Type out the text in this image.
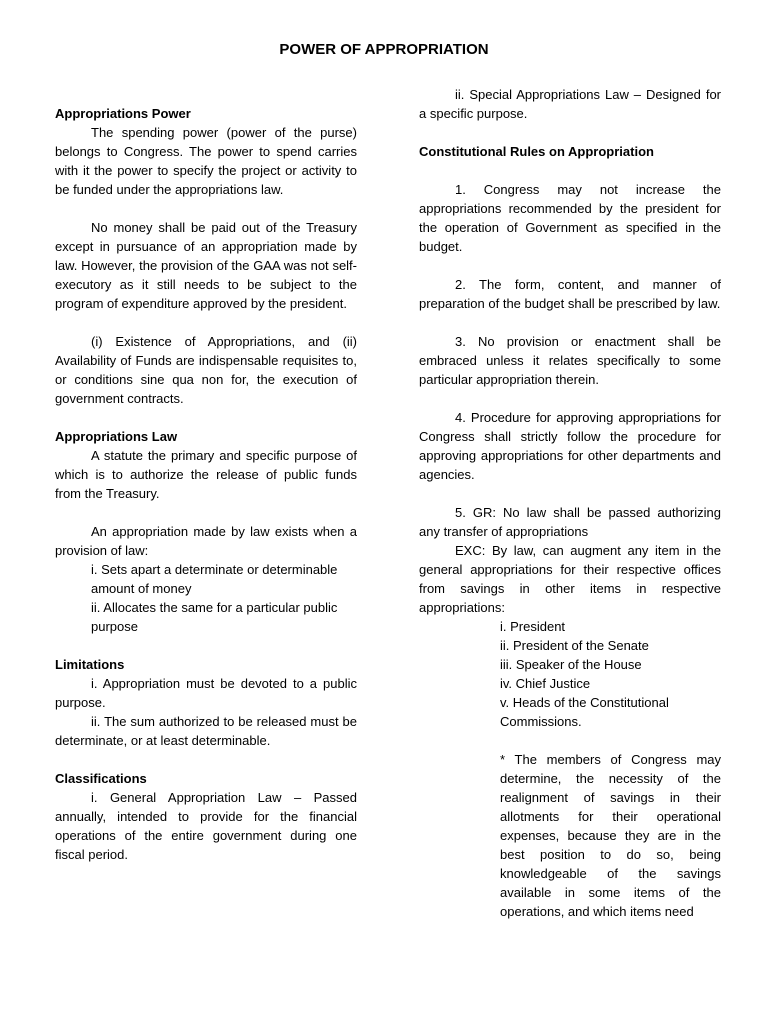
POWER OF APPROPRIATION

Appropriations Power

The spending power (power of the purse) belongs to Congress. The power to spend carries with it the power to specify the project or activity to be funded under the appropriations law.

No money shall be paid out of the Treasury except in pursuance of an appropriation made by law. However, the provision of the GAA was not self-executory as it still needs to be subject to the program of expenditure approved by the president.

(i) Existence of Appropriations, and (ii) Availability of Funds are indispensable requisites to, or conditions sine qua non for, the execution of government contracts.

Appropriations Law

A statute the primary and specific purpose of which is to authorize the release of public funds from the Treasury.

An appropriation made by law exists when a provision of law:

i. Sets apart a determinate or determinable amount of money

ii. Allocates the same for a particular public purpose

Limitations

i. Appropriation must be devoted to a public purpose.

ii. The sum authorized to be released must be determinate, or at least determinable.

Classifications

i. General Appropriation Law – Passed annually, intended to provide for the financial operations of the entire government during one fiscal period.

ii. Special Appropriations Law – Designed for a specific purpose.

Constitutional Rules on Appropriation

1. Congress may not increase the appropriations recommended by the president for the operation of Government as specified in the budget.

2. The form, content, and manner of preparation of the budget shall be prescribed by law.

3. No provision or enactment shall be embraced unless it relates specifically to some particular appropriation therein.

4. Procedure for approving appropriations for Congress shall strictly follow the procedure for approving appropriations for other departments and agencies.

5. GR: No law shall be passed authorizing any transfer of appropriations

EXC: By law, can augment any item in the general appropriations for their respective offices from savings in other items in respective appropriations:

i. President

ii. President of the Senate

iii. Speaker of the House

iv. Chief Justice

v. Heads of the Constitutional Commissions.

* The members of Congress may determine, the necessity of the realignment of savings in their allotments for their operational expenses, because they are in the best position to do so, being knowledgeable of the savings available in some items of the operations, and which items need
